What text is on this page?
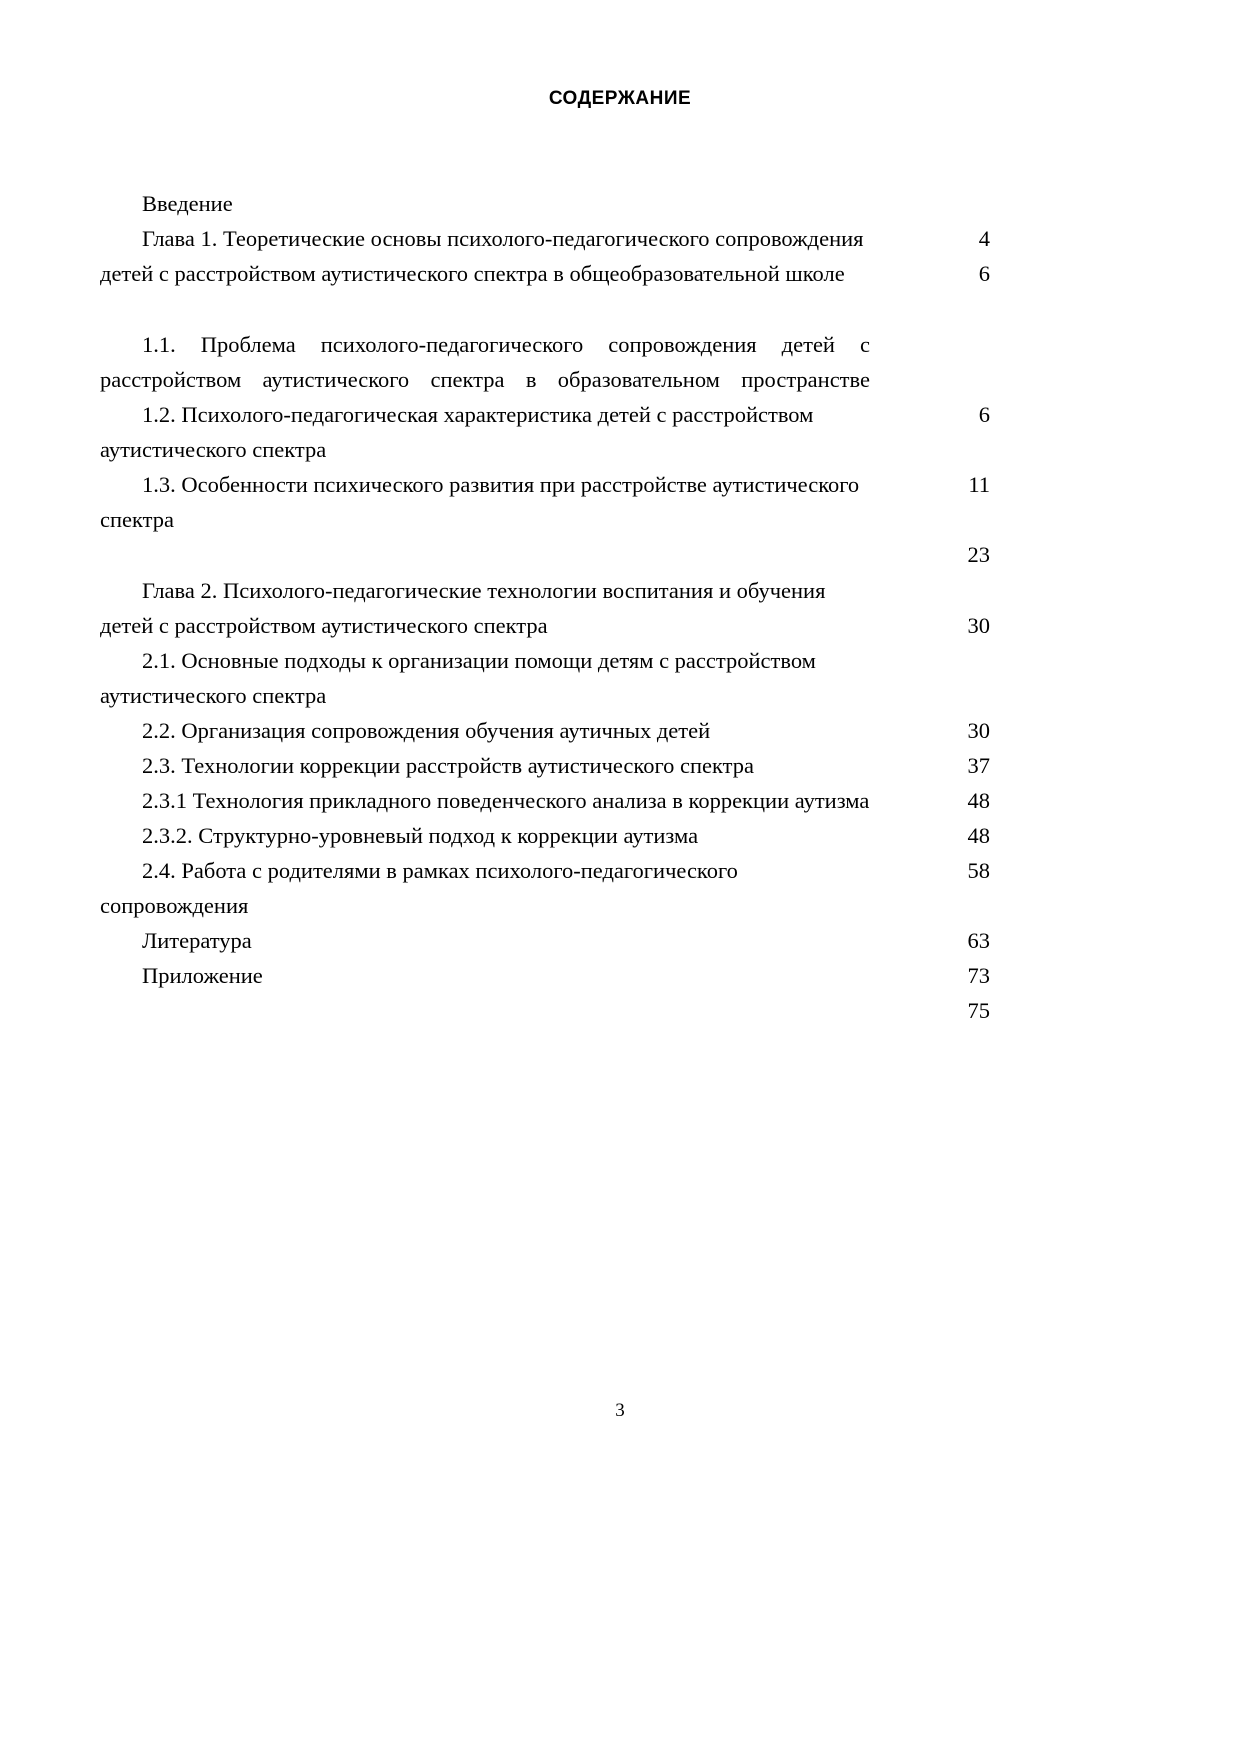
СОДЕРЖАНИЕ
Введение
4
Глава 1. Теоретические основы психолого-педагогического сопровождения детей с расстройством аутистического спектра в общеобразовательной школе	6
1.1. Проблема психолого-педагогического сопровождения детей с расстройством аутистического спектра в образовательном пространстве
6
1.2. Психолого-педагогическая характеристика детей с расстройством аутистического спектра
11
1.3. Особенности психического развития при расстройстве аутистического спектра
23
Глава 2. Психолого-педагогические технологии воспитания и обучения детей с расстройством аутистического спектра	30
2.1. Основные подходы к организации помощи детям с расстройством аутистического спектра
30
2.2. Организация сопровождения обучения аутичных детей
37
2.3. Технологии коррекции расстройств аутистического спектра
48
2.3.1 Технология прикладного поведенческого анализа в коррекции аутизма
48
2.3.2. Структурно-уровневый подход к коррекции аутизма
58
2.4. Работа с родителями в рамках психолого-педагогического сопровождения
63
Литература
73
Приложение
75
3
